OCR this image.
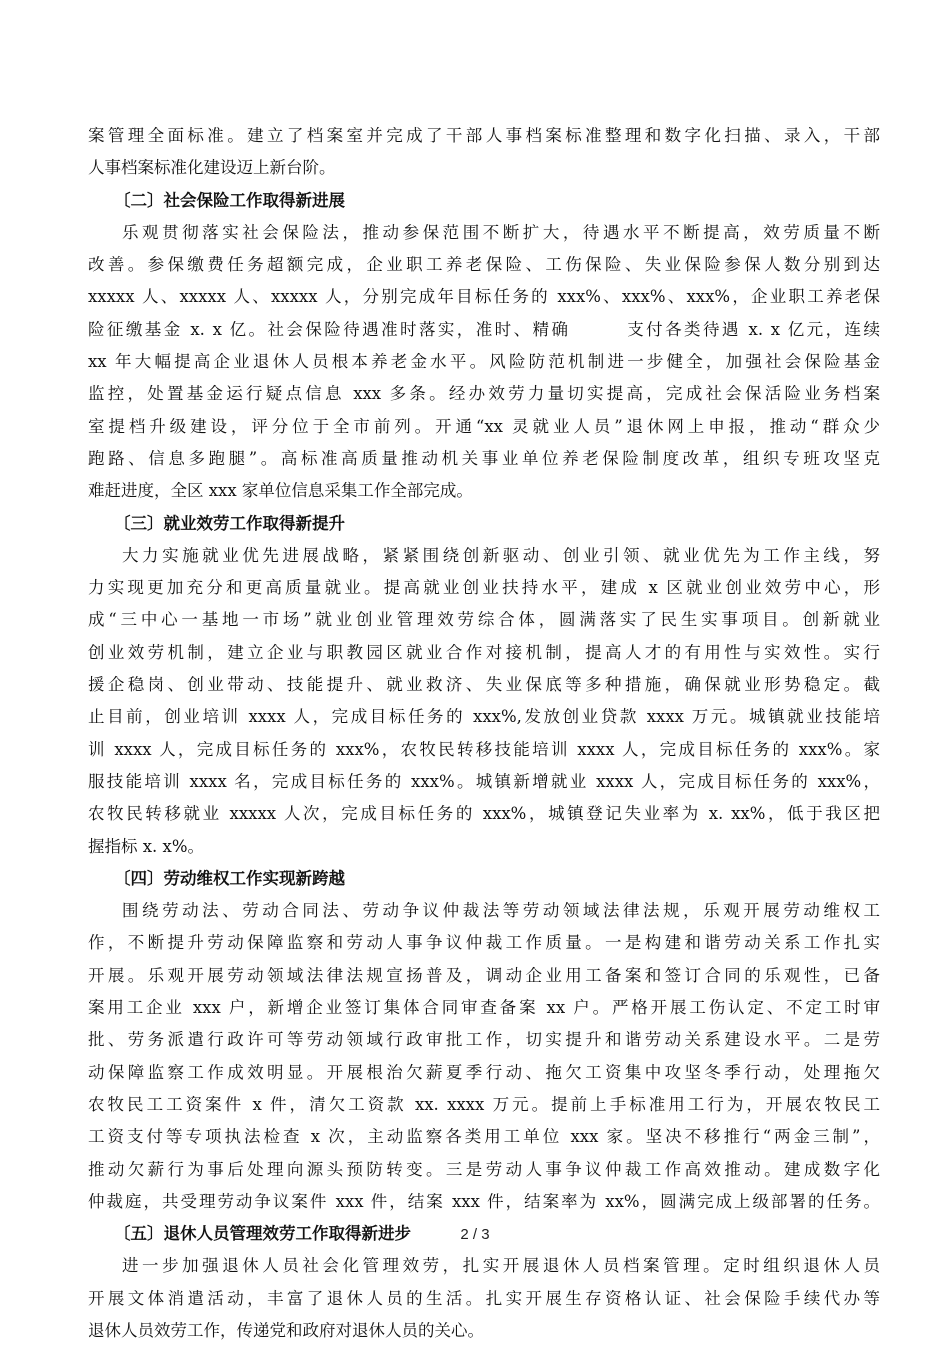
案管理全面标准。建立了档案室并完成了干部人事档案标准整理和数字化扫描、录入，干部
人事档案标准化建设迈上新台阶。
〔二〕社会保险工作取得新进展
乐观贯彻落实社会保险法，推动参保范围不断扩大，待遇水平不断提高，效劳质量不断
改善。参保缴费任务超额完成，企业职工养老保险、工伤保险、失业保险参保人数分别到达
xxxxx 人、xxxxx 人、xxxxx 人，分别完成年目标任务的 xxx%、xxx%、xxx%，企业职工养老保
险征缴基金 x. x 亿。社会保险待遇准时落实，准时、精确　　　支付各类待遇 x. x 亿元，连续
xx 年大幅提高企业退休人员根本养老金水平。风险防范机制进一步健全，加强社会保险基金
监控，处置基金运行疑点信息 xxx 多条。经办效劳力量切实提高，完成社会保活险业务档案
室提档升级建设，评分位于全市前列。开通“xx 灵就业人员”退休网上申报，推动“群众少
跑路、信息多跑腿”。高标准高质量推动机关事业单位养老保险制度改革，组织专班攻坚克
难赶进度，全区 xxx 家单位信息采集工作全部完成。
〔三〕就业效劳工作取得新提升
大力实施就业优先进展战略，紧紧围绕创新驱动、创业引领、就业优先为工作主线，努
力实现更加充分和更高质量就业。提高就业创业扶持水平，建成 x 区就业创业效劳中心，形
成“三中心一基地一市场”就业创业管理效劳综合体，圆满落实了民生实事项目。创新就业
创业效劳机制，建立企业与职教园区就业合作对接机制，提高人才的有用性与实效性。实行
援企稳岗、创业带动、技能提升、就业救济、失业保底等多种措施，确保就业形势稳定。截
止目前，创业培训 xxxx 人，完成目标任务的 xxx%,发放创业贷款 xxxx 万元。城镇就业技能培
训 xxxx 人，完成目标任务的 xxx%，农牧民转移技能培训 xxxx 人，完成目标任务的 xxx%。家
服技能培训 xxxx 名，完成目标任务的 xxx%。城镇新增就业 xxxx 人，完成目标任务的 xxx%，
农牧民转移就业 xxxxx 人次，完成目标任务的 xxx%，城镇登记失业率为 x. xx%，低于我区把
握指标 x. x%。
〔四〕劳动维权工作实现新跨越
围绕劳动法、劳动合同法、劳动争议仲裁法等劳动领域法律法规，乐观开展劳动维权工
作，不断提升劳动保障监察和劳动人事争议仲裁工作质量。一是构建和谐劳动关系工作扎实
开展。乐观开展劳动领域法律法规宣扬普及，调动企业用工备案和签订合同的乐观性，已备
案用工企业 xxx 户，新增企业签订集体合同审查备案 xx 户。严格开展工伤认定、不定工时审
批、劳务派遣行政许可等劳动领域行政审批工作，切实提升和谐劳动关系建设水平。二是劳
动保障监察工作成效明显。开展根治欠薪夏季行动、拖欠工资集中攻坚冬季行动，处理拖欠
农牧民工工资案件 x 件，清欠工资款 xx. xxxx 万元。提前上手标准用工行为，开展农牧民工
工资支付等专项执法检查 x 次，主动监察各类用工单位 xxx 家。坚决不移推行“两金三制”，
推动欠薪行为事后处理向源头预防转变。三是劳动人事争议仲裁工作高效推动。建成数字化
仲裁庭，共受理劳动争议案件 xxx 件，结案 xxx 件，结案率为 xx%，圆满完成上级部署的任务。
〔五〕退休人员管理效劳工作取得新进步
进一步加强退休人员社会化管理效劳，扎实开展退休人员档案管理。定时组织退休人员
开展文体消遣活动，丰富了退休人员的生活。扎实开展生存资格认证、社会保险手续代办等
退休人员效劳工作，传递党和政府对退休人员的关心。
2 / 3
